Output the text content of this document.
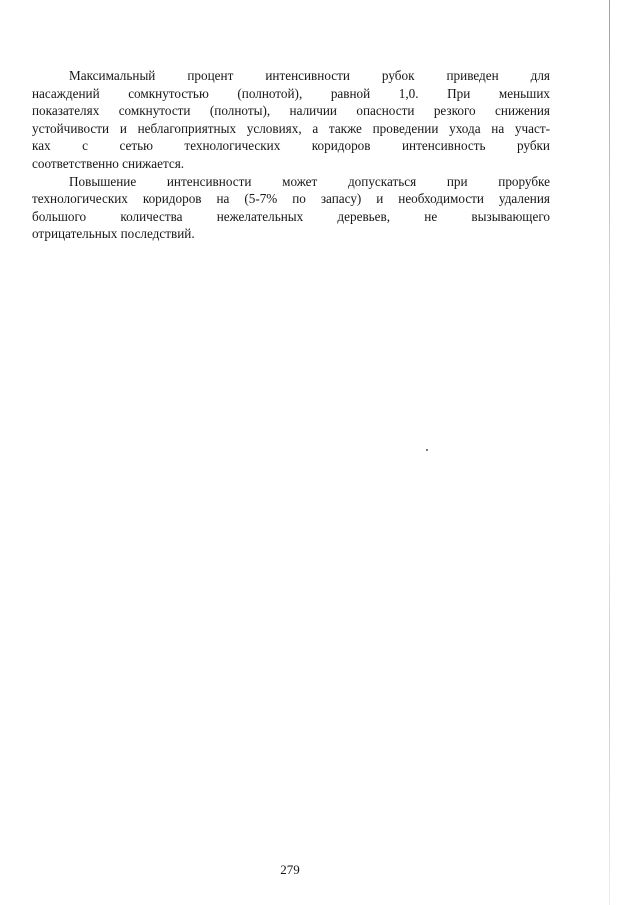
Максимальный процент интенсивности рубок приведен для
насаждений сомкнутостью (полнотой), равной 1,0. При меньших
показателях сомкнутости (полноты), наличии опасности резкого снижения
устойчивости и неблагоприятных условиях, а также проведении ухода на участ-
ках с сетью технологических коридоров интенсивность рубки
соответственно снижается.
Повышение интенсивности может допускаться при прорубке
технологических коридоров на (5-7% по запасу) и необходимости удаления
большого количества нежелательных деревьев, не вызывающего
отрицательных последствий.
279
